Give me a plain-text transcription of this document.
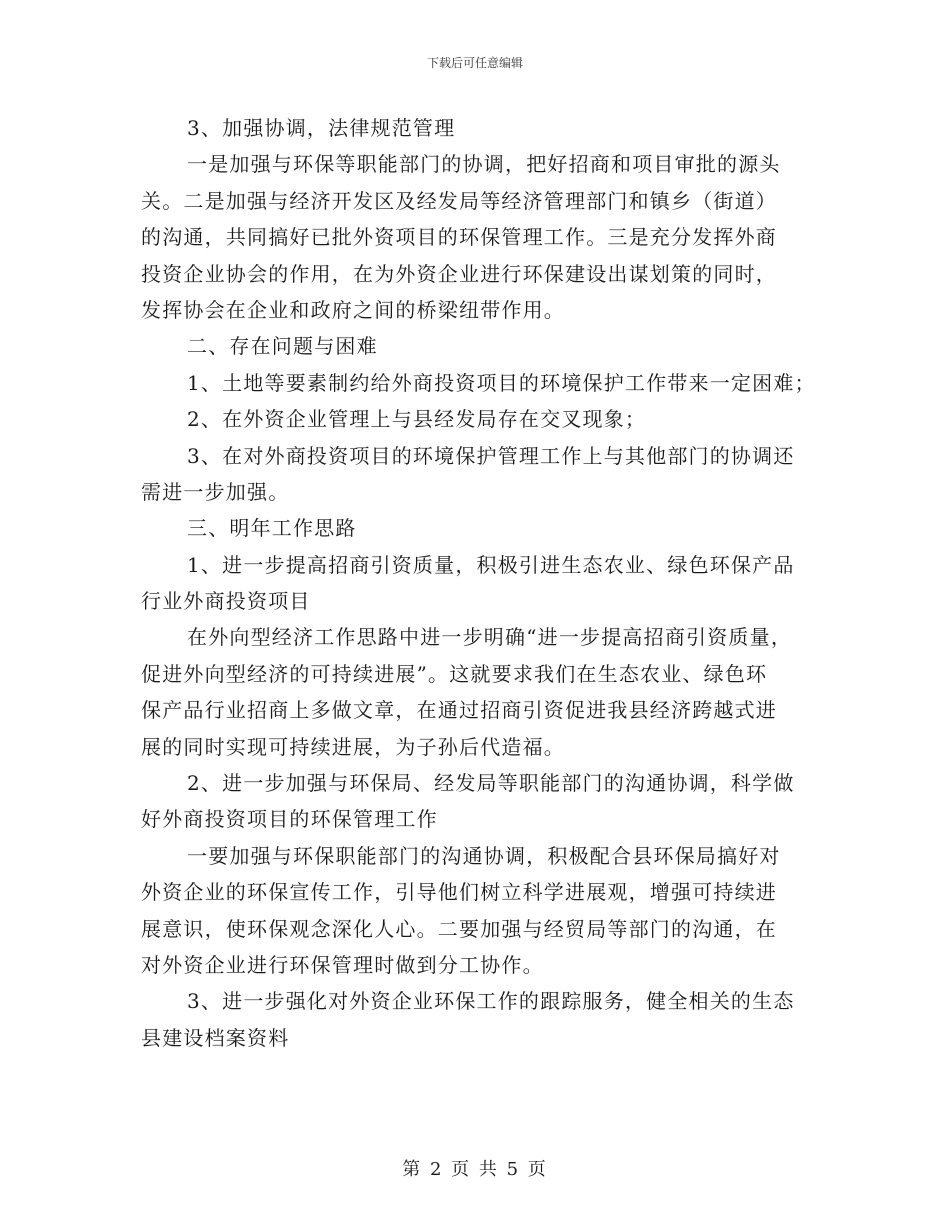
下载后可任意编辑
3、加强协调，法律规范管理
一是加强与环保等职能部门的协调，把好招商和项目审批的源头
关。二是加强与经济开发区及经发局等经济管理部门和镇乡（街道）
的沟通，共同搞好已批外资项目的环保管理工作。三是充分发挥外商
投资企业协会的作用，在为外资企业进行环保建设出谋划策的同时，
发挥协会在企业和政府之间的桥梁纽带作用。
二、存在问题与困难
1、土地等要素制约给外商投资项目的环境保护工作带来一定困难；
2、在外资企业管理上与县经发局存在交叉现象；
3、在对外商投资项目的环境保护管理工作上与其他部门的协调还
需进一步加强。
三、明年工作思路
1、进一步提高招商引资质量，积极引进生态农业、绿色环保产品
行业外商投资项目
在外向型经济工作思路中进一步明确“进一步提高招商引资质量，
促进外向型经济的可持续进展”。这就要求我们在生态农业、绿色环
保产品行业招商上多做文章，在通过招商引资促进我县经济跨越式进
展的同时实现可持续进展，为子孙后代造福。
2、进一步加强与环保局、经发局等职能部门的沟通协调，科学做
好外商投资项目的环保管理工作
一要加强与环保职能部门的沟通协调，积极配合县环保局搞好对
外资企业的环保宣传工作，引导他们树立科学进展观，增强可持续进
展意识，使环保观念深化人心。二要加强与经贸局等部门的沟通，在
对外资企业进行环保管理时做到分工协作。
3、进一步强化对外资企业环保工作的跟踪服务，健全相关的生态
县建设档案资料
第 2 页 共 5 页
